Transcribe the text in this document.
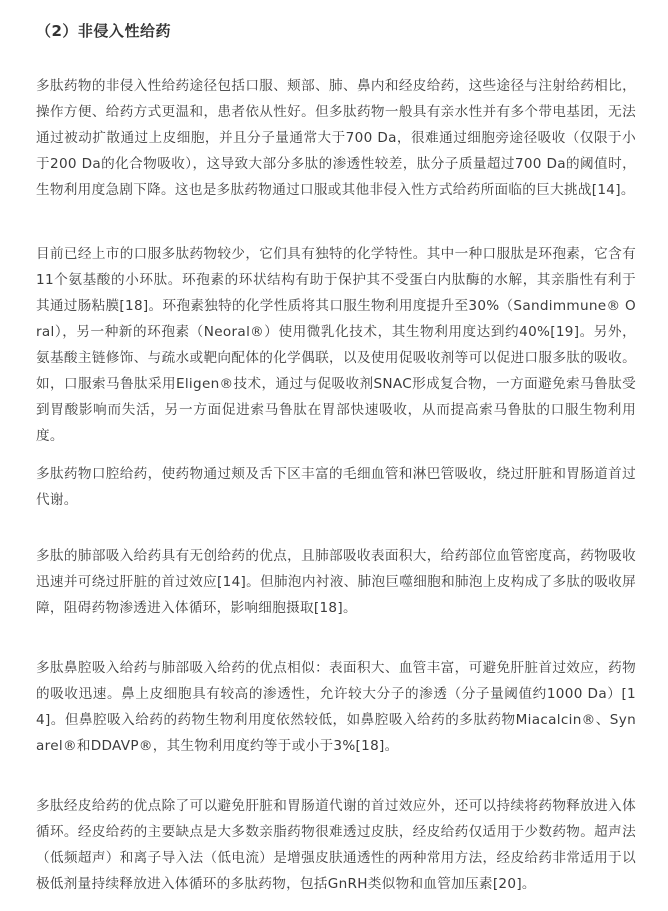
（2）非侵入性给药

多肽药物的非侵入性给药途径包括口服、颊部、肺、鼻内和经皮给药，这些途径与注射给药相比，操作方便、给药方式更温和，患者依从性好。但多肽药物一般具有亲水性并有多个带电基团，无法通过被动扩散通过上皮细胞，并且分子量通常大于700 Da，很难通过细胞旁途径吸收（仅限于小于200 Da的化合物吸收），这导致大部分多肽的渗透性较差，肽分子质量超过700 Da的阈值时，生物利用度急剧下降。这也是多肽药物通过口服或其他非侵入性方式给药所面临的巨大挑战[14]。

目前已经上市的口服多肽药物较少，它们具有独特的化学特性。其中一种口服肽是环孢素，它含有11个氨基酸的小环肽。环孢素的环状结构有助于保护其不受蛋白内肽酶的水解，其亲脂性有利于其通过肠粘膜[18]。环孢素独特的化学性质将其口服生物利用度提升至30%（Sandimmune® Oral），另一种新的环孢素（Neoral®）使用微乳化技术，其生物利用度达到约40%[19]。另外，氨基酸主链修饰、与疏水或靶向配体的化学偶联，以及使用促吸收剂等可以促进口服多肽的吸收。如，口服索马鲁肽采用Eligen®技术，通过与促吸收剂SNAC形成复合物，一方面避免索马鲁肽受到胃酸影响而失活，另一方面促进索马鲁肽在胃部快速吸收，从而提高索马鲁肽的口服生物利用度。

多肽药物口腔给药，使药物通过颊及舌下区丰富的毛细血管和淋巴管吸收，绕过肝脏和胃肠道首过代谢。

多肽的肺部吸入给药具有无创给药的优点，且肺部吸收表面积大，给药部位血管密度高，药物吸收迅速并可绕过肝脏的首过效应[14]。但肺泡内衬液、肺泡巨噬细胞和肺泡上皮构成了多肽的吸收屏障，阻碍药物渗透进入体循环，影响细胞摄取[18]。

多肽鼻腔吸入给药与肺部吸入给药的优点相似：表面积大、血管丰富，可避免肝脏首过效应，药物的吸收迅速。鼻上皮细胞具有较高的渗透性，允许较大分子的渗透（分子量阈值约1000 Da）[14]。但鼻腔吸入给药的药物生物利用度依然较低，如鼻腔吸入给药的多肽药物Miacalcin®、Synarel®和DDAVP®，其生物利用度约等于或小于3%[18]。

多肽经皮给药的优点除了可以避免肝脏和胃肠道代谢的首过效应外，还可以持续将药物释放进入体循环。经皮给药的主要缺点是大多数亲脂药物很难透过皮肤，经皮给药仅适用于少数药物。超声法（低频超声）和离子导入法（低电流）是增强皮肤通透性的两种常用方法，经皮给药非常适用于以极低剂量持续释放进入体循环的多肽药物，包括GnRH类似物和血管加压素[20]。
